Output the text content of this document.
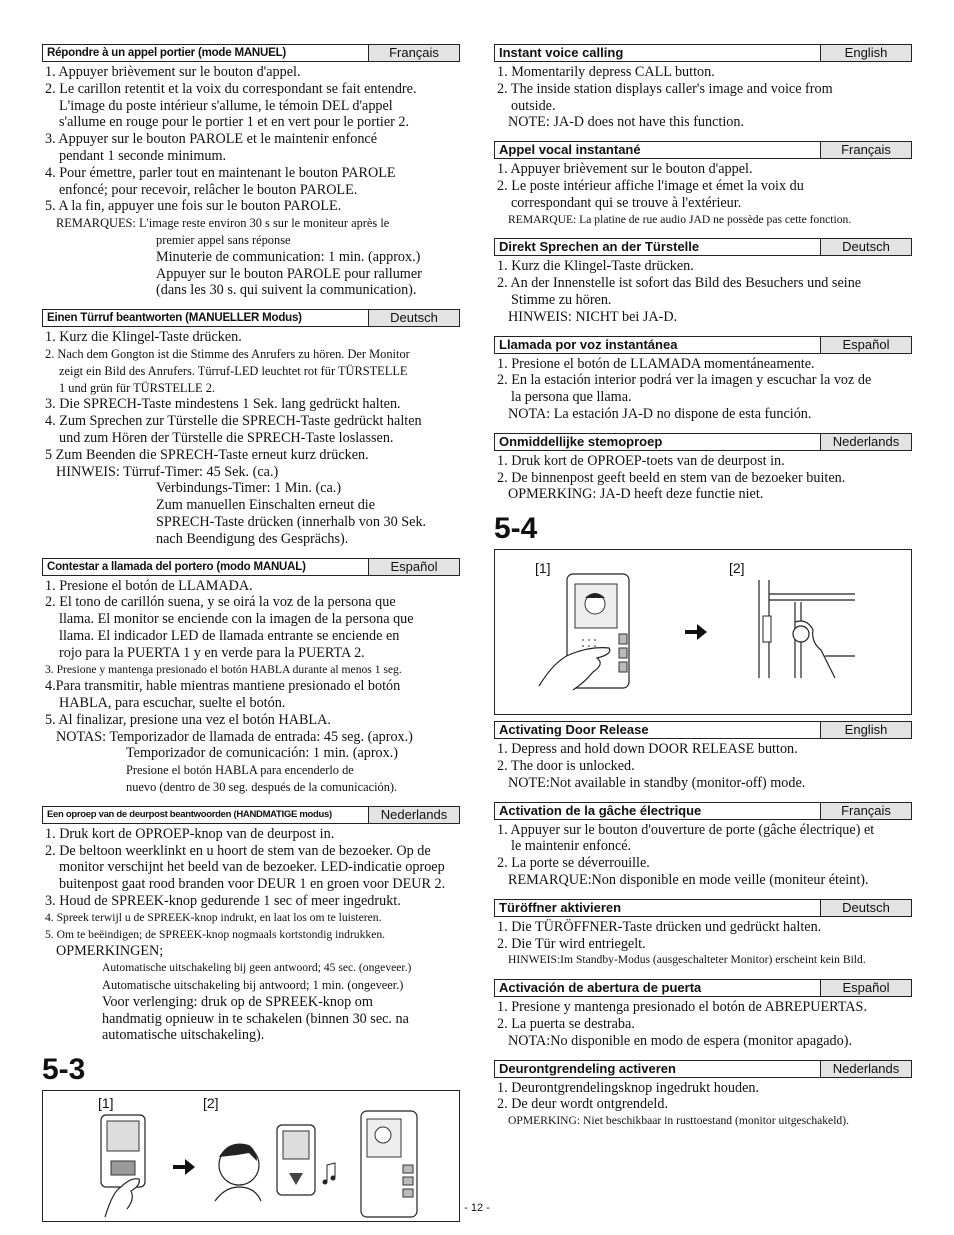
Répondre à un appel portier (mode MANUEL)	Français
1. Appuyer brièvement sur le bouton d'appel.
2. Le carillon retentit et la voix du correspondant se fait entendre.
L'image du poste intérieur s'allume, le témoin DEL d'appel
s'allume en rouge pour le portier 1 et en vert pour le portier 2.
3. Appuyer sur le bouton PAROLE et le maintenir enfoncé
pendant 1 seconde minimum.
4. Pour émettre, parler tout en maintenant le bouton PAROLE
enfoncé; pour recevoir, relâcher le bouton PAROLE.
5. A la fin, appuyer une fois sur le bouton PAROLE.
REMARQUES: L'image reste environ 30 s sur le moniteur après le
premier appel sans réponse
Minuterie de communication: 1 min. (approx.)
Appuyer sur le bouton PAROLE pour rallumer
(dans les 30 s. qui suivent la communication).
Einen Türruf beantworten (MANUELLER Modus)	Deutsch
1. Kurz die Klingel-Taste drücken.
2. Nach dem Gongton ist die Stimme des Anrufers zu hören. Der Monitor
zeigt ein Bild des Anrufers. Türruf-LED leuchtet rot für TÜRSTELLE
1 und grün für TÜRSTELLE 2.
3. Die SPRECH-Taste mindestens 1 Sek. lang gedrückt halten.
4. Zum Sprechen zur Türstelle die SPRECH-Taste gedrückt halten
und zum Hören der Türstelle die SPRECH-Taste loslassen.
5 Zum Beenden die SPRECH-Taste erneut kurz drücken.
HINWEIS: Türruf-Timer: 45 Sek. (ca.)
Verbindungs-Timer: 1 Min. (ca.)
Zum manuellen Einschalten erneut die
SPRECH-Taste drücken (innerhalb von 30 Sek.
nach Beendigung des Gesprächs).
Contestar a llamada del portero (modo MANUAL)	Español
1. Presione el botón de LLAMADA.
2. El tono de carillón suena, y se oirá la voz de la persona que
llama. El monitor se enciende con la imagen de la persona que
llama. El indicador LED de llamada entrante se enciende en
rojo para la PUERTA 1 y en verde para la PUERTA 2.
3. Presione y mantenga presionado el botón HABLA durante al menos 1 seg.
4.Para transmitir, hable mientras mantiene presionado el botón
HABLA, para escuchar, suelte el botón.
5. Al finalizar, presione una vez el botón HABLA.
NOTAS: Temporizador de llamada de entrada: 45 seg. (aprox.)
Temporizador de comunicación: 1 min. (aprox.)
Presione el botón HABLA para encenderlo de
nuevo (dentro de 30 seg. después de la comunicación).
Een oproep van de deurpost beantwoorden (HANDMATIGE modus)	Nederlands
1. Druk kort de OPROEP-knop van de deurpost in.
2. De beltoon weerklinkt en u hoort de stem van de bezoeker. Op de
monitor verschijnt het beeld van de bezoeker. LED-indicatie oproep
buitenpost gaat rood branden voor DEUR 1 en groen voor DEUR 2.
3. Houd de SPREEK-knop gedurende 1 sec of meer ingedrukt.
4. Spreek terwijl u de SPREEK-knop indrukt, en laat los om te luisteren.
5. Om te beëindigen; de SPREEK-knop nogmaals kortstondig indrukken.
OPMERKINGEN;
Automatische uitschakeling bij geen antwoord; 45 sec. (ongeveer.)
Automatische uitschakeling bij antwoord; 1 min. (ongeveer.)
Voor verlenging: druk op de SPREEK-knop om
handmatig opnieuw in te schakelen (binnen 30 sec. na
automatische uitschakeling).
5-3
[1]	[2]
Instant voice calling	English
1. Momentarily depress CALL button.
2. The inside station displays caller's image and voice from
outside.
NOTE: JA-D does not have this function.
Appel vocal instantané	Français
1. Appuyer brièvement sur le bouton d'appel.
2. Le poste intérieur affiche l'image et émet la voix du
correspondant qui se trouve à l'extérieur.
REMARQUE: La platine de rue audio JAD ne possède pas cette fonction.
Direkt Sprechen an der Türstelle	Deutsch
1. Kurz die Klingel-Taste drücken.
2. An der Innenstelle ist sofort das Bild des Besuchers und seine
Stimme zu hören.
HINWEIS: NICHT bei JA-D.
Llamada por voz instantánea	Español
1. Presione el botón de LLAMADA momentáneamente.
2. En la estación interior podrá ver la imagen y escuchar la voz de
la persona que llama.
NOTA: La estación JA-D no dispone de esta función.
Onmiddellijke stemoproep	Nederlands
1. Druk kort de OPROEP-toets van de deurpost in.
2. De binnenpost geeft beeld en stem van de bezoeker buiten.
OPMERKING: JA-D heeft deze functie niet.
5-4
[1]	[2]
Activating Door Release	English
1. Depress and hold down DOOR RELEASE button.
2. The door is unlocked.
NOTE:Not available in standby (monitor-off) mode.
Activation de la gâche électrique	Français
1. Appuyer sur le bouton d'ouverture de porte (gâche électrique) et
le maintenir enfoncé.
2. La porte se déverrouille.
REMARQUE:Non disponible en mode veille (moniteur éteint).
Türöffner aktivieren	Deutsch
1. Die TÜRÖFFNER-Taste drücken und gedrückt halten.
2. Die Tür wird entriegelt.
HINWEIS:Im Standby-Modus (ausgeschalteter Monitor) erscheint kein Bild.
Activación de abertura de puerta	Español
1. Presione y mantenga presionado el botón de ABREPUERTAS.
2. La puerta se destraba.
NOTA:No disponible en modo de espera (monitor apagado).
Deurontgrendeling activeren	Nederlands
1. Deurontgrendelingsknop ingedrukt houden.
2. De deur wordt ontgrendeld.
OPMERKING: Niet beschikbaar in rusttoestand (monitor uitgeschakeld).
- 12 -
